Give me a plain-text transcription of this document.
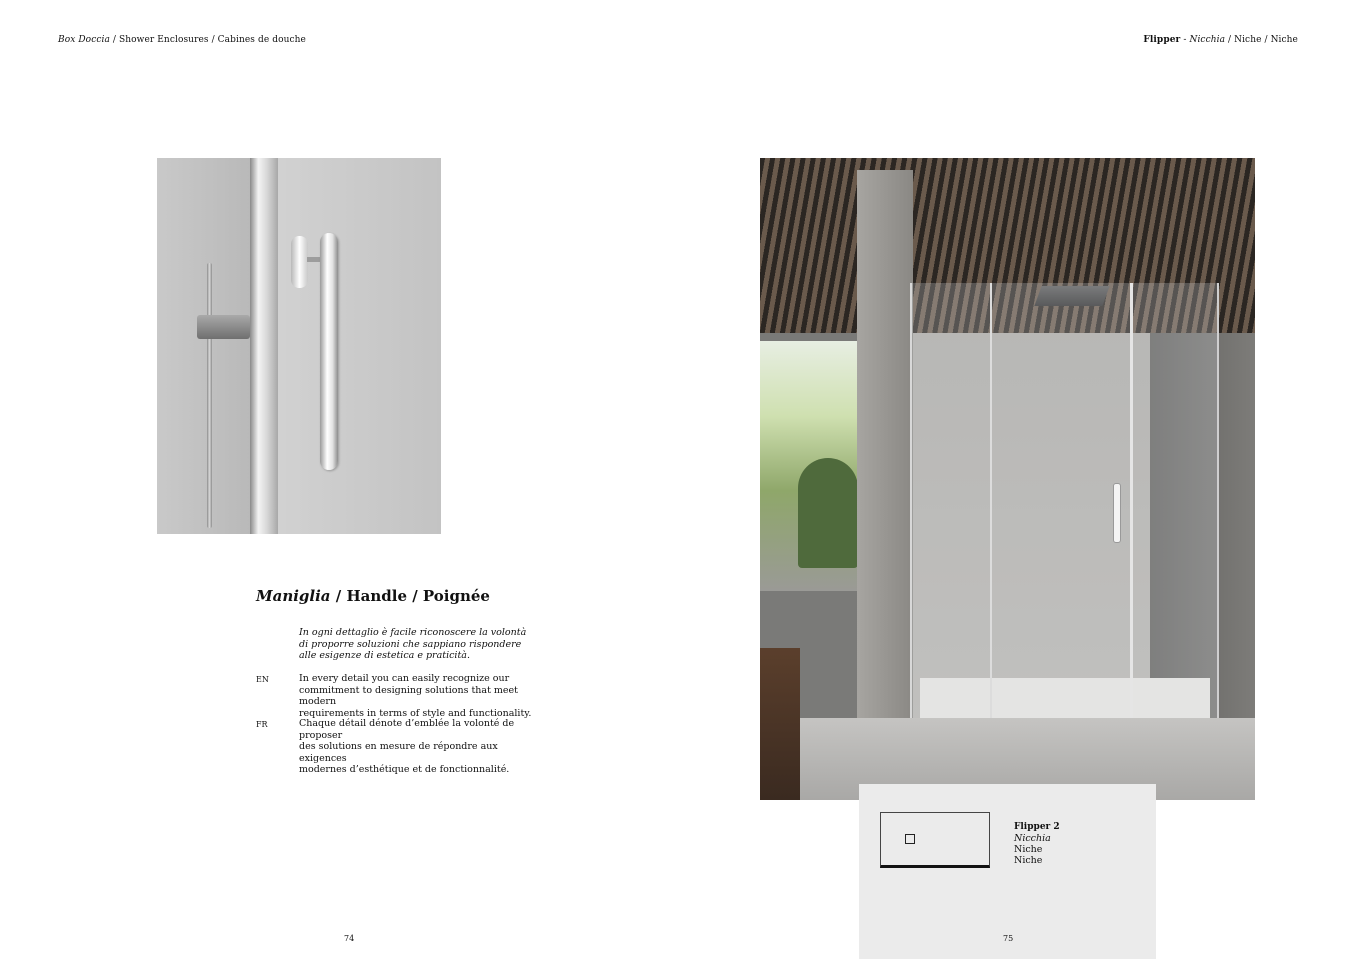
Box Doccia / Shower Enclosures / Cabines de douche	Flipper - Nicchia / Niche / Niche
Maniglia / Handle / Poignée
In ogni dettaglio è facile riconoscere la volontà
di proporre soluzioni che sappiano rispondere
alle esigenze di estetica e praticità.
EN	In every detail you can easily recognize our
commitment to designing solutions that meet modern
requirements in terms of style and functionality.
FR	Chaque détail dénote d’emblée la volonté de proposer
des solutions en mesure de répondre aux exigences
modernes d’esthétique et de fonctionnalité.
Flipper 2
Nicchia
Niche
Niche
74	75
